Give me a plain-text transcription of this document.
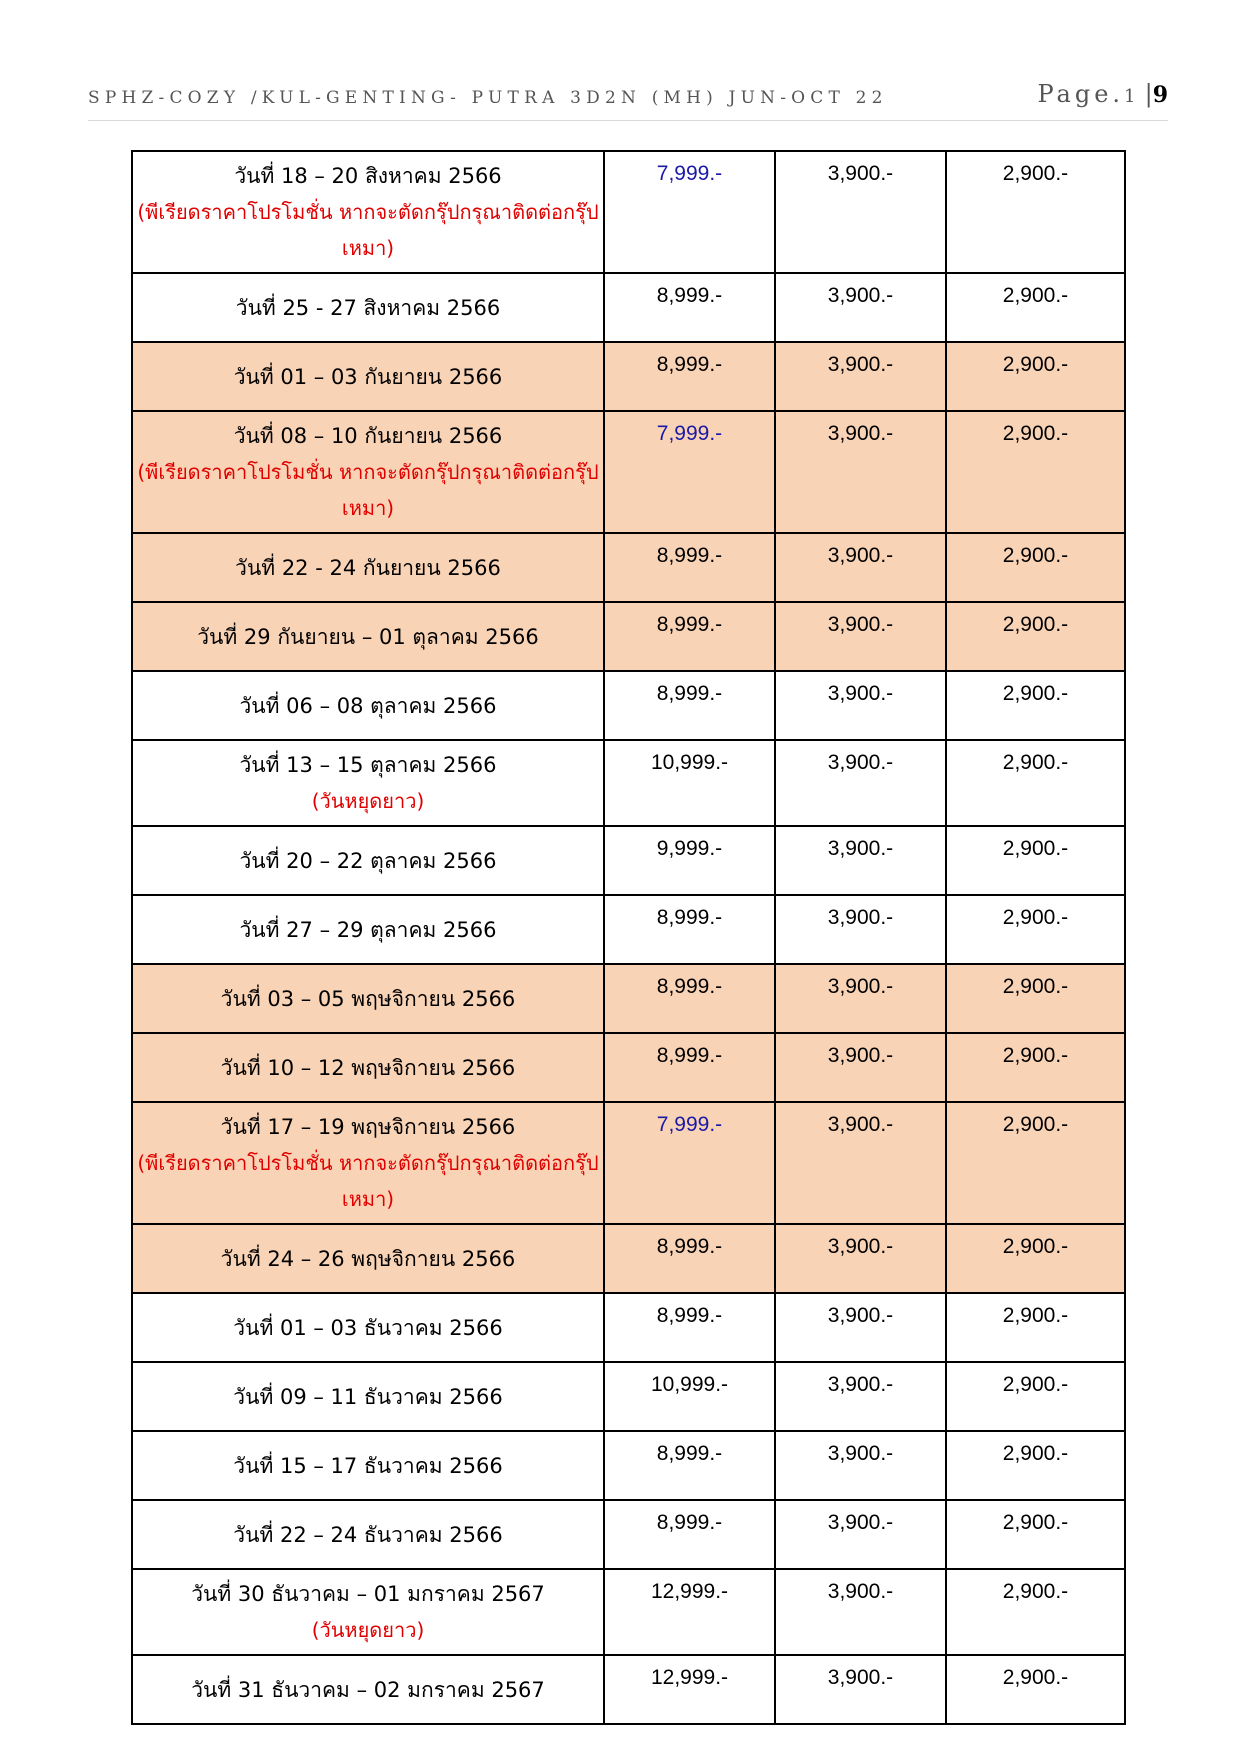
SPHZ-COZY /KUL-GENTING- PUTRA 3D2N (MH) JUN-OCT 22	Page.1 |9
วันที่ 18 – 20 สิงหาคม 2566
(พีเรียดราคาโปรโมชั่น หากจะตัดกรุ๊ปกรุณาติดต่อกรุ๊ปเหมา)	7,999.-	3,900.-	2,900.-

วันที่ 25 - 27 สิงหาคม 2566	8,999.-	3,900.-	2,900.-

วันที่ 01 – 03 กันยายน 2566	8,999.-	3,900.-	2,900.-

วันที่ 08 – 10 กันยายน 2566
(พีเรียดราคาโปรโมชั่น หากจะตัดกรุ๊ปกรุณาติดต่อกรุ๊ปเหมา)	7,999.-	3,900.-	2,900.-

วันที่ 22 - 24 กันยายน 2566	8,999.-	3,900.-	2,900.-

วันที่ 29 กันยายน – 01 ตุลาคม 2566	8,999.-	3,900.-	2,900.-

วันที่ 06 – 08 ตุลาคม 2566	8,999.-	3,900.-	2,900.-

วันที่ 13 – 15 ตุลาคม 2566
(วันหยุดยาว)	10,999.-	3,900.-	2,900.-

วันที่ 20 – 22 ตุลาคม 2566	9,999.-	3,900.-	2,900.-

วันที่ 27 – 29 ตุลาคม 2566	8,999.-	3,900.-	2,900.-

วันที่ 03 – 05 พฤษจิกายน 2566	8,999.-	3,900.-	2,900.-

วันที่ 10 – 12 พฤษจิกายน 2566	8,999.-	3,900.-	2,900.-

วันที่ 17 – 19 พฤษจิกายน 2566
(พีเรียดราคาโปรโมชั่น หากจะตัดกรุ๊ปกรุณาติดต่อกรุ๊ปเหมา)	7,999.-	3,900.-	2,900.-

วันที่ 24 – 26 พฤษจิกายน 2566	8,999.-	3,900.-	2,900.-

วันที่ 01 – 03 ธันวาคม 2566	8,999.-	3,900.-	2,900.-

วันที่ 09 – 11 ธันวาคม 2566	10,999.-	3,900.-	2,900.-

วันที่ 15 – 17 ธันวาคม 2566	8,999.-	3,900.-	2,900.-

วันที่ 22 – 24 ธันวาคม 2566	8,999.-	3,900.-	2,900.-

วันที่ 30 ธันวาคม – 01 มกราคม 2567
(วันหยุดยาว)	12,999.-	3,900.-	2,900.-

วันที่ 31 ธันวาคม – 02 มกราคม 2567	12,999.-	3,900.-	2,900.-
